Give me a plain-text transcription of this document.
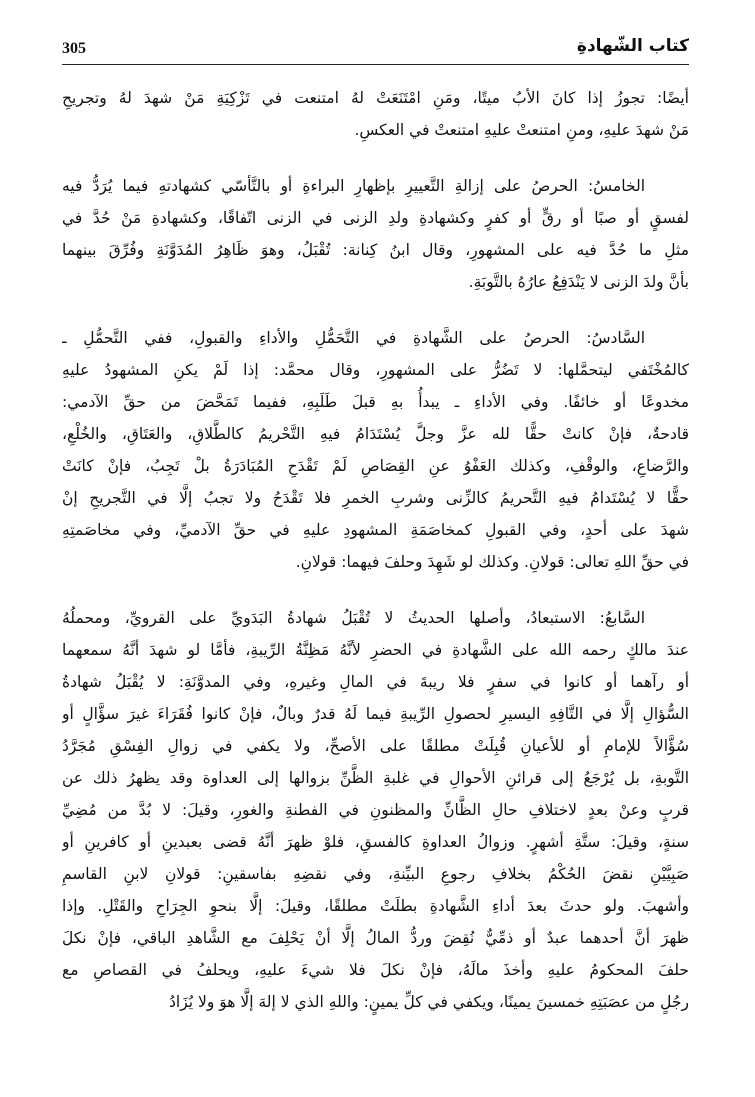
305	كتاب الشّهادةِ

أيضًا: تجوزُ إذا كانَ الأبُ ميتًا، ومَنِ امْتَنَعَتْ لهُ امتنعت في تَزْكِيَةِ مَنْ شهدَ لهُ وتجريحِ
مَنْ شهدَ عليهِ، ومنِ امتنعتْ عليهِ امتنعتْ في العكسِ.

الخامسُ: الحرصُ على إزالةِ التَّعييرِ بإظهارِ البراءةِ أو بالتَّأسّي كشهادتهِ فيما يُرَدُّ فيه
لفسقٍ أو صبًا أو رقٍّ أو كفرٍ وكشهادةِ ولدِ الزنى في الزنى اتّفاقًا، وكشهادةِ مَنْ حُدَّ في
مثلِ ما حُدَّ فيه على المشهورِ، وقال ابنُ كِنانة: تُقْبَلُ، وهوَ ظَاهِرُ المُدَوَّنَةِ وفُرِّقَ بينهما
بأنَّ ولدَ الزنى لا يَنْدَفِعُ عارُهُ بالتَّوبَةِ.

السَّادسُ: الحرصُ على الشَّهادةِ في التَّحَمُّلِ والأداءِ والقبولِ، ففي التَّحمُّلِ ـ
كالمُخْتَفي ليتحمَّلها: لا تَضُرُّ على المشهورِ، وقال محمَّد: إذا لَمْ يكنِ المشهودُ عليهِ
مخدوعًا أو خائفًا. وفي الأداءِ ـ يبدأُ بهِ قبلَ طَلَبِهِ، ففيما تَمَحَّضَ من حقِّ الآدمي:
قادحةٌ، فإنْ كانتْ حقًّا لله عزَّ وجلَّ يُسْتَدَامُ فيهِ التَّحْريمُ كالطَّلاقِ، والعَتَاقِ، والخُلْعِ،
والرَّضاعِ، والوقْفِ، وكذلك العَفْوُ عنِ القِصَاصِ لَمْ تَقْدَحِ المُبَادَرَةُ بلْ تَجِبُ، فإنْ كانَتْ
حقًّا لا يُسْتَدامُ فيهِ التَّحريمُ كالزِّنى وشربِ الخمرِ فلا تَقْدَحُ ولا تجبُ إلَّا في التَّجريحِ إنْ
شهدَ على أحدٍ، وفي القبولِ كمخاصَمَةِ المشهودِ عليهِ في حقِّ الآدميِّ، وفي مخاصَمتِهِ
في حقِّ اللهِ تعالى: قولانِ. وكذلك لو شَهِدَ وحلفَ فيهما: قولانِ.

السَّابعُ: الاستبعادُ، وأصلها الحديثُ لا تُقْبَلُ شهادةُ البَدَويِّ على القرويِّ، ومحملُهُ
عندَ مالكٍ رحمه الله على الشَّهادةِ في الحضرِ لأنَّهُ مَظِنَّةُ الرِّيبةِ، فأمَّا لو شهدَ أنَّهُ سمعهما
أو رآهما أو كانوا في سفرٍ فلا ريبةَ في المالِ وغيرهِ، وفي المدوَّنَةِ: لا يُقْبَلُ شهادةُ
السُّؤالِ إلَّا في التَّافِهِ اليسيرِ لحصولِ الرِّيبةِ فيما لَهُ قدرٌ وبالٌ، فإنْ كانوا فُقَرَاءَ غيرَ سؤَّالٍ أو
سُؤَّالاً للإمامِ أو للأعيانِ قُبِلَتْ مطلقًا على الأصحِّ، ولا يكفي في زوالِ الفِسْقِ مُجَرَّدُ
التَّوبةِ، بل يُرْجَعُ إلى قرائنِ الأحوالِ في غلبةِ الظَّنِّ بزوالها إلى العداوة وقد يظهرُ ذلك عن
قربٍ وعنْ بعدٍ لاختلافِ حالِ الظَّانِّ والمظنونِ في الفطنةِ والغورِ، وقيلَ: لا بُدَّ من مُضِيِّ
سنةٍ، وقيلَ: ستَّةِ أشهرٍ. وزوالُ العداوةِ كالفسقِ، فلوْ ظهرَ أنَّهُ قضى بعبدينِ أو كافرينِ أو
صَبِيَّيْنِ نقضَ الحُكْمُ بخلافِ رجوعِ البيِّنةِ، وفي نقضِهِ بفاسقينِ: قولانِ لابنِ القاسمِ
وأشهبَ. ولو حدثَ بعدَ أداءِ الشَّهادةِ بطلَتْ مطلقًا، وقيلَ: إلَّا بنحوِ الجِرَاحِ والقَتْلِ. وإذا
ظهرَ أنَّ أحدهما عبدٌ أو ذمِّيٌّ نُقِضَ وردُّ المالُ إلَّا أنْ يَحْلِفَ مع الشَّاهدِ الباقي، فإنْ نكلَ
حلفَ المحكومُ عليهِ وأخذَ مالَهُ، فإنْ نكلَ فلا شيءَ عليهِ، ويحلفُ في القصاصِ مع
رجُلٍ من عصَبَتِهِ خمسينَ يمينًا، ويكفي في كلِّ يمينٍ: واللهِ الذي لا إلهَ إلَّا هوَ ولا يُزَادُ
